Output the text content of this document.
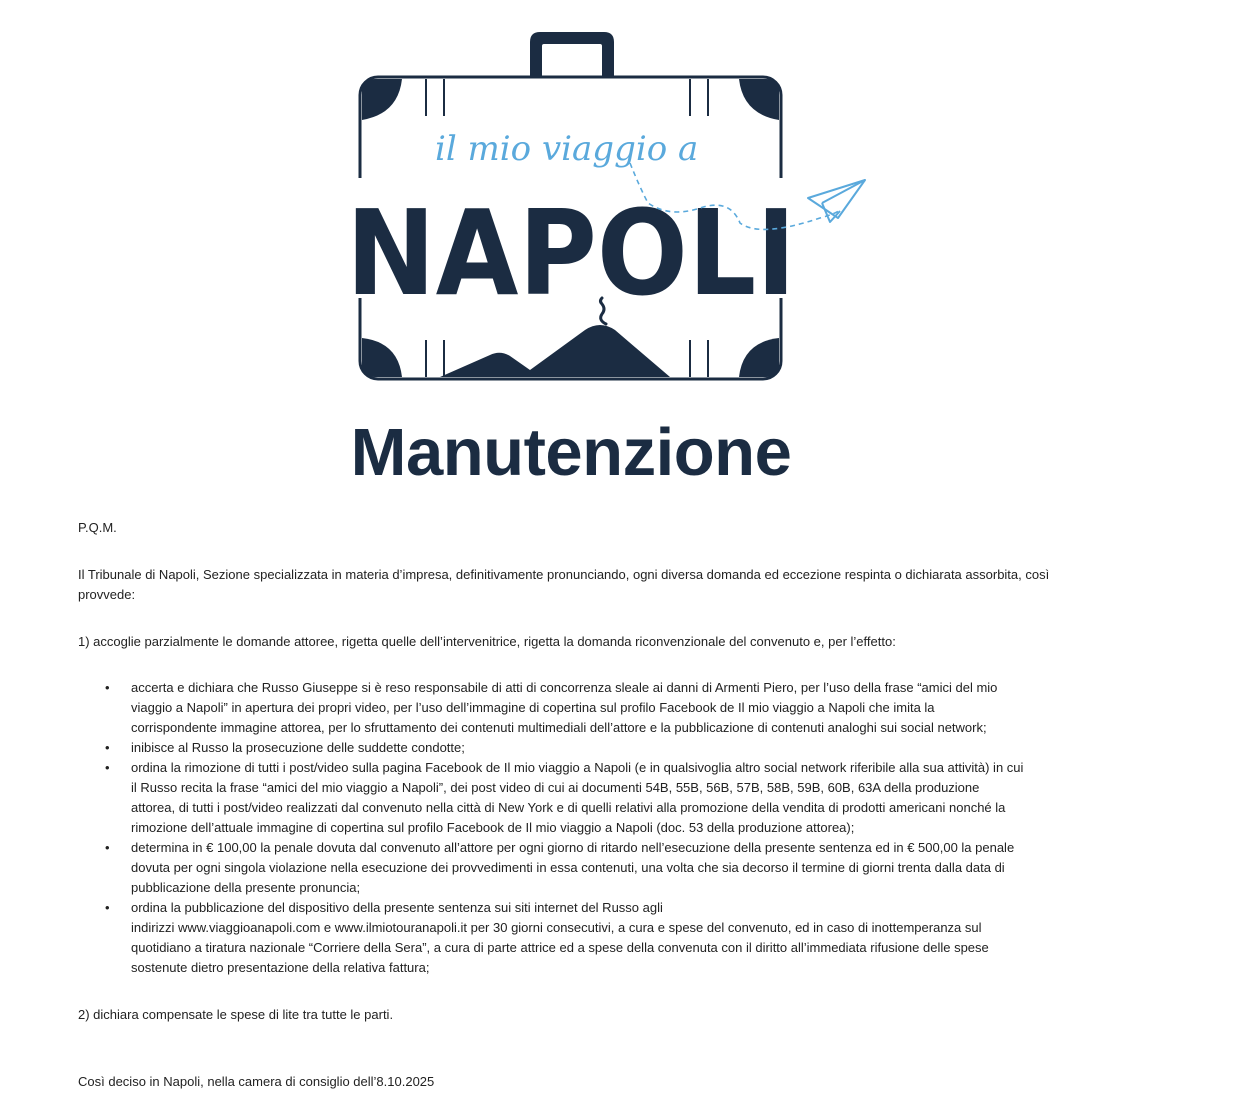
il mio viaggio a
NAPOLI
Manutenzione

P.Q.M.

Il Tribunale di Napoli, Sezione specializzata in materia d’impresa, definitivamente pronunciando, ogni diversa domanda ed eccezione respinta o dichiarata assorbita, così provvede:

1) accoglie parzialmente le domande attoree, rigetta quelle dell’intervenitrice, rigetta la domanda riconvenzionale del convenuto e, per l’effetto:

• accerta e dichiara che Russo Giuseppe si è reso responsabile di atti di concorrenza sleale ai danni di Armenti Piero, per l’uso della frase “amici del mio
viaggio a Napoli” in apertura dei propri video, per l’uso dell’immagine di copertina sul profilo Facebook de Il mio viaggio a Napoli che imita la
corrispondente immagine attorea, per lo sfruttamento dei contenuti multimediali dell’attore e la pubblicazione di contenuti analoghi sui social network;
• inibisce al Russo la prosecuzione delle suddette condotte;
• ordina la rimozione di tutti i post/video sulla pagina Facebook de Il mio viaggio a Napoli (e in qualsivoglia altro social network riferibile alla sua attività) in cui
il Russo recita la frase “amici del mio viaggio a Napoli”, dei post video di cui ai documenti 54B, 55B, 56B, 57B, 58B, 59B, 60B, 63A della produzione
attorea, di tutti i post/video realizzati dal convenuto nella città di New York e di quelli relativi alla promozione della vendita di prodotti americani nonché la
rimozione dell’attuale immagine di copertina sul profilo Facebook de Il mio viaggio a Napoli (doc. 53 della produzione attorea);
• determina in € 100,00 la penale dovuta dal convenuto all’attore per ogni giorno di ritardo nell’esecuzione della presente sentenza ed in € 500,00 la penale
dovuta per ogni singola violazione nella esecuzione dei provvedimenti in essa contenuti, una volta che sia decorso il termine di giorni trenta dalla data di
pubblicazione della presente pronuncia;
• ordina la pubblicazione del dispositivo della presente sentenza sui siti internet del Russo agli
indirizzi www.viaggioanapoli.com e www.ilmiotouranapoli.it per 30 giorni consecutivi, a cura e spese del convenuto, ed in caso di inottemperanza sul
quotidiano a tiratura nazionale “Corriere della Sera”, a cura di parte attrice ed a spese della convenuta con il diritto all’immediata rifusione delle spese
sostenute dietro presentazione della relativa fattura;

2) dichiara compensate le spese di lite tra tutte le parti.

Così deciso in Napoli, nella camera di consiglio dell’8.10.2025
